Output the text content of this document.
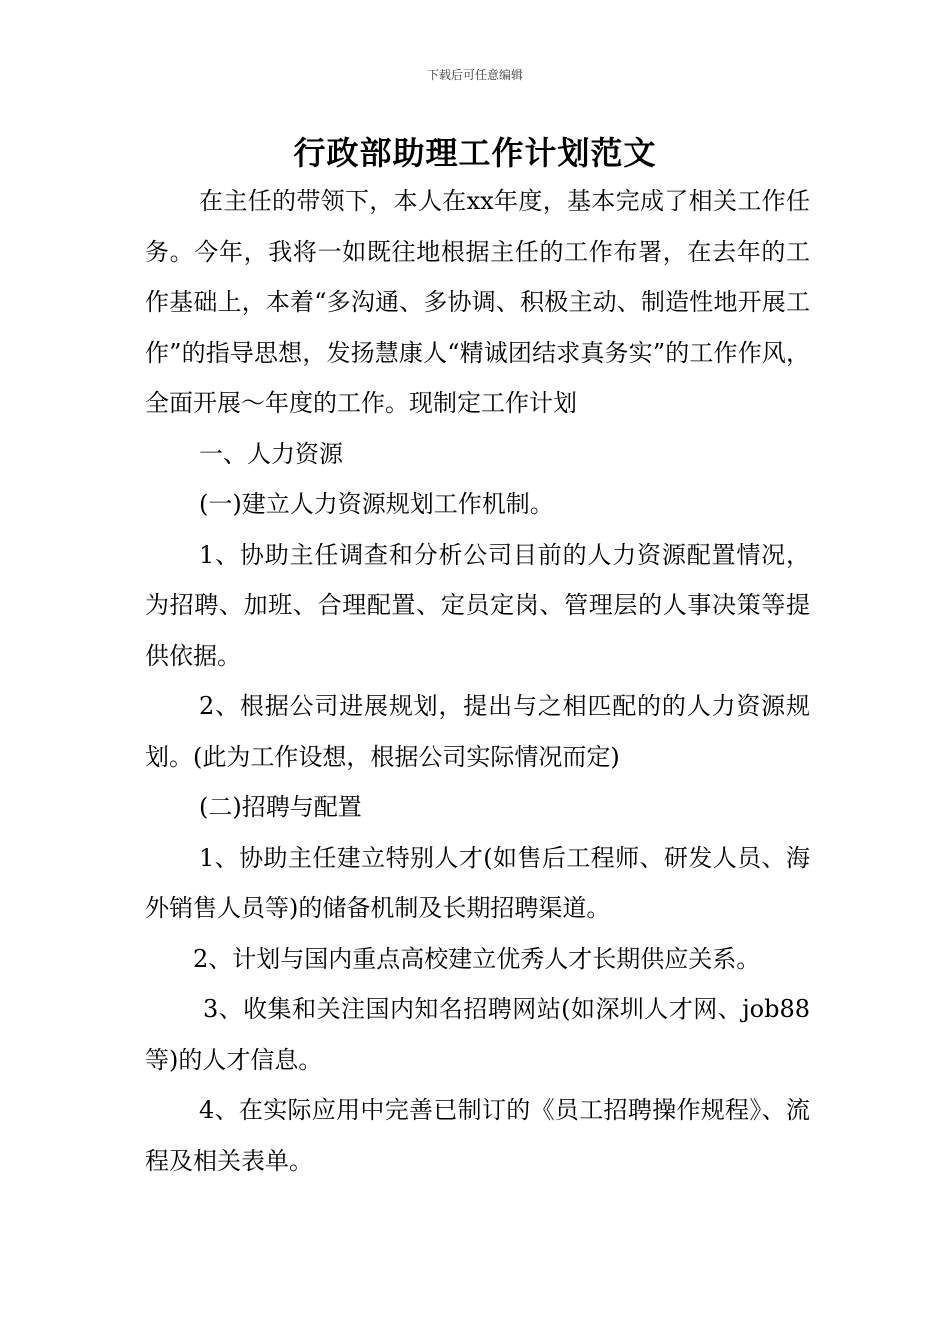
下载后可任意编辑
行政部助理工作计划范文

在主任的带领下，本人在xx年度，基本完成了相关工作任务。今年，我将一如既往地根据主任的工作布署，在去年的工作基础上，本着“多沟通、多协调、积极主动、制造性地开展工作”的指导思想，发扬慧康人“精诚团结求真务实”的工作作风，全面开展～年度的工作。现制定工作计划

一、人力资源

(一)建立人力资源规划工作机制。

1、协助主任调查和分析公司目前的人力资源配置情况，为招聘、加班、合理配置、定员定岗、管理层的人事决策等提供依据。

2、根据公司进展规划，提出与之相匹配的的人力资源规划。(此为工作设想，根据公司实际情况而定)

(二)招聘与配置

1、协助主任建立特别人才(如售后工程师、研发人员、海外销售人员等)的储备机制及长期招聘渠道。

2、计划与国内重点高校建立优秀人才长期供应关系。

3、收集和关注国内知名招聘网站(如深圳人才网、job88等)的人才信息。

4、在实际应用中完善已制订的《员工招聘操作规程》、流程及相关表单。
